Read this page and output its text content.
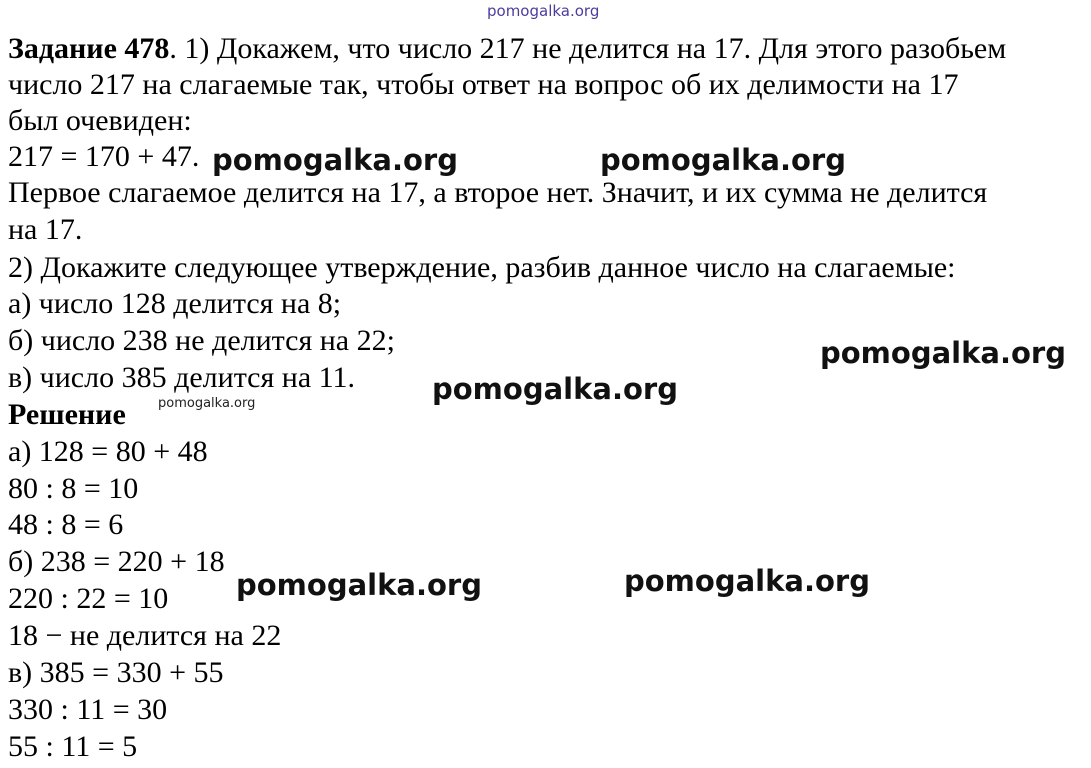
pomogalka.org
Задание 478. 1) Докажем, что число 217 не делится на 17. Для этого разобьем
число 217 на слагаемые так, чтобы ответ на вопрос об их делимости на 17
был очевиден:
217 = 170 + 47.
Первое слагаемое делится на 17, а второе нет. Значит, и их сумма не делится
на 17.
2) Докажите следующее утверждение, разбив данное число на слагаемые:
а) число 128 делится на 8;
б) число 238 не делится на 22;
в) число 385 делится на 11.
Решение
а) 128 = 80 + 48
80 : 8 = 10
48 : 8 = 6
б) 238 = 220 + 18
220 : 22 = 10
18 − не делится на 22
в) 385 = 330 + 55
330 : 11 = 30
55 : 11 = 5
pomogalka.org	pomogalka.org
pomogalka.org
pomogalka.org
pomogalka.org
pomogalka.org	pomogalka.org
